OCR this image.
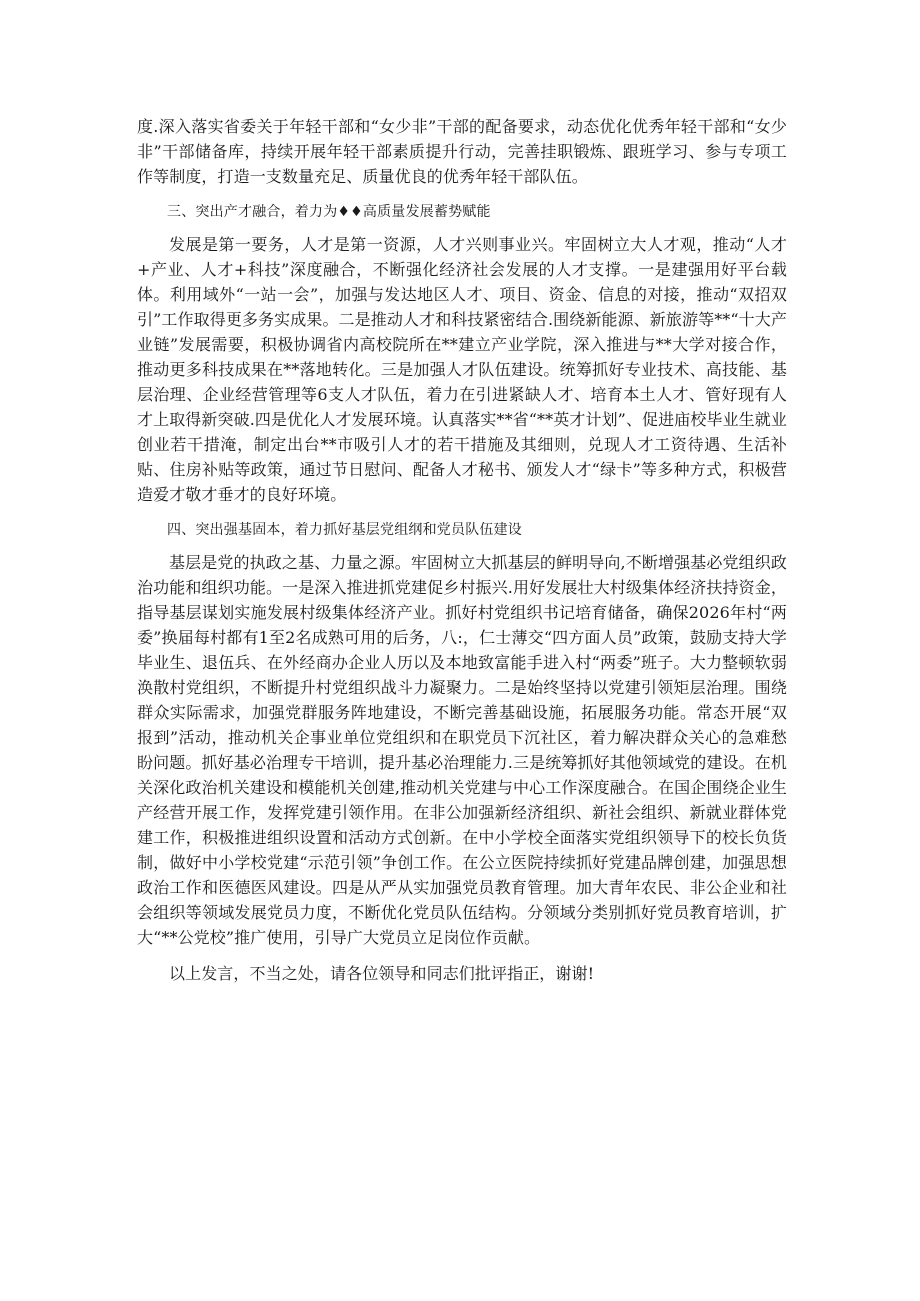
度.深入落实省委关于年轻干部和“女少非”干部的配备要求，动态优化优秀年轻干部和“女少非”干部储备库，持续开展年轻干部素质提升行动，完善挂职锻炼、跟班学习、参与专项工作等制度，打造一支数量充足、质量优良的优秀年轻干部队伍。

三、突出产才融合，着力为♦♦高质量发展蓄势赋能

发展是第一要务，人才是第一资源，人才兴则事业兴。牢固树立大人才观，推动“人才+产业、人才+科技”深度融合，不断强化经济社会发展的人才支撑。一是建强用好平台载体。利用域外“一站一会”，加强与发达地区人才、项目、资金、信息的对接，推动“双招双引”工作取得更多务实成果。二是推动人才和科技紧密结合.围绕新能源、新旅游等**“十大产业链”发展需要，积极协调省内高校院所在**建立产业学院，深入推进与**大学对接合作，推动更多科技成果在**落地转化。三是加强人才队伍建设。统筹抓好专业技术、高技能、基层治理、企业经营管理等6支人才队伍，着力在引进紧缺人才、培育本土人才、管好现有人才上取得新突破.四是优化人才发展环境。认真落实**省“**英才计划”、促进庙校毕业生就业创业若干措淹，制定出台**市吸引人才的若干措施及其细则，兑现人才工资待遇、生活补贴、住房补贴等政策，通过节日慰问、配备人才秘书、颁发人才“绿卡”等多种方式，积极营造爱才敬才垂才的良好环境。

四、突出强基固本，着力抓好基层党组纲和党员队伍建设

基层是党的执政之基、力量之源。牢固树立大抓基层的鲜明导向,不断增强基必党组织政治功能和组织功能。一是深入推进抓党建促乡村振兴.用好发展壮大村级集体经济扶持资金，指导基层谋划实施发展村级集体经济产业。抓好村党组织书记培育储备，确保2026年村“两委”换届每村都有1至2名成熟可用的后务，八:，仁士薄交“四方面人员”政策，鼓励支持大学毕业生、退伍兵、在外经商办企业人历以及本地致富能手进入村“两委”班子。大力整顿软弱涣散村党组织，不断提升村党组织战斗力凝聚力。二是始终坚持以党建引领矩层治理。围绕群众实际需求，加强党群服务阵地建设，不断完善基础设施，拓展服务功能。常态开展“双报到”活动，推动机关企事业单位党组织和在职党员下沉社区，着力解决群众关心的急难愁盼问题。抓好基必治理专干培训，提升基必治理能力.三是统筹抓好其他领域党的建设。在机关深化政治机关建设和模能机关创建,推动机关党建与中心工作深度融合。在国企围绕企业生产经营开展工作，发挥党建引领作用。在非公加强新经济组织、新社会组织、新就业群体党建工作，积极推进组织设置和活动方式创新。在中小学校全面落实党组织领导下的校长负货制，做好中小学校党建“示范引领”争创工作。在公立医院持续抓好党建品牌创建，加强思想政治工作和医德医风建设。四是从严从实加强党员教育管理。加大青年农民、非公企业和社会组织等领域发展党员力度，不断优化党员队伍结构。分领域分类别抓好党员教育培训，扩大“**公党校”推广使用，引导广大党员立足岗位作贡献。

以上发言，不当之处，请各位领导和同志们批评指正，谢谢!
